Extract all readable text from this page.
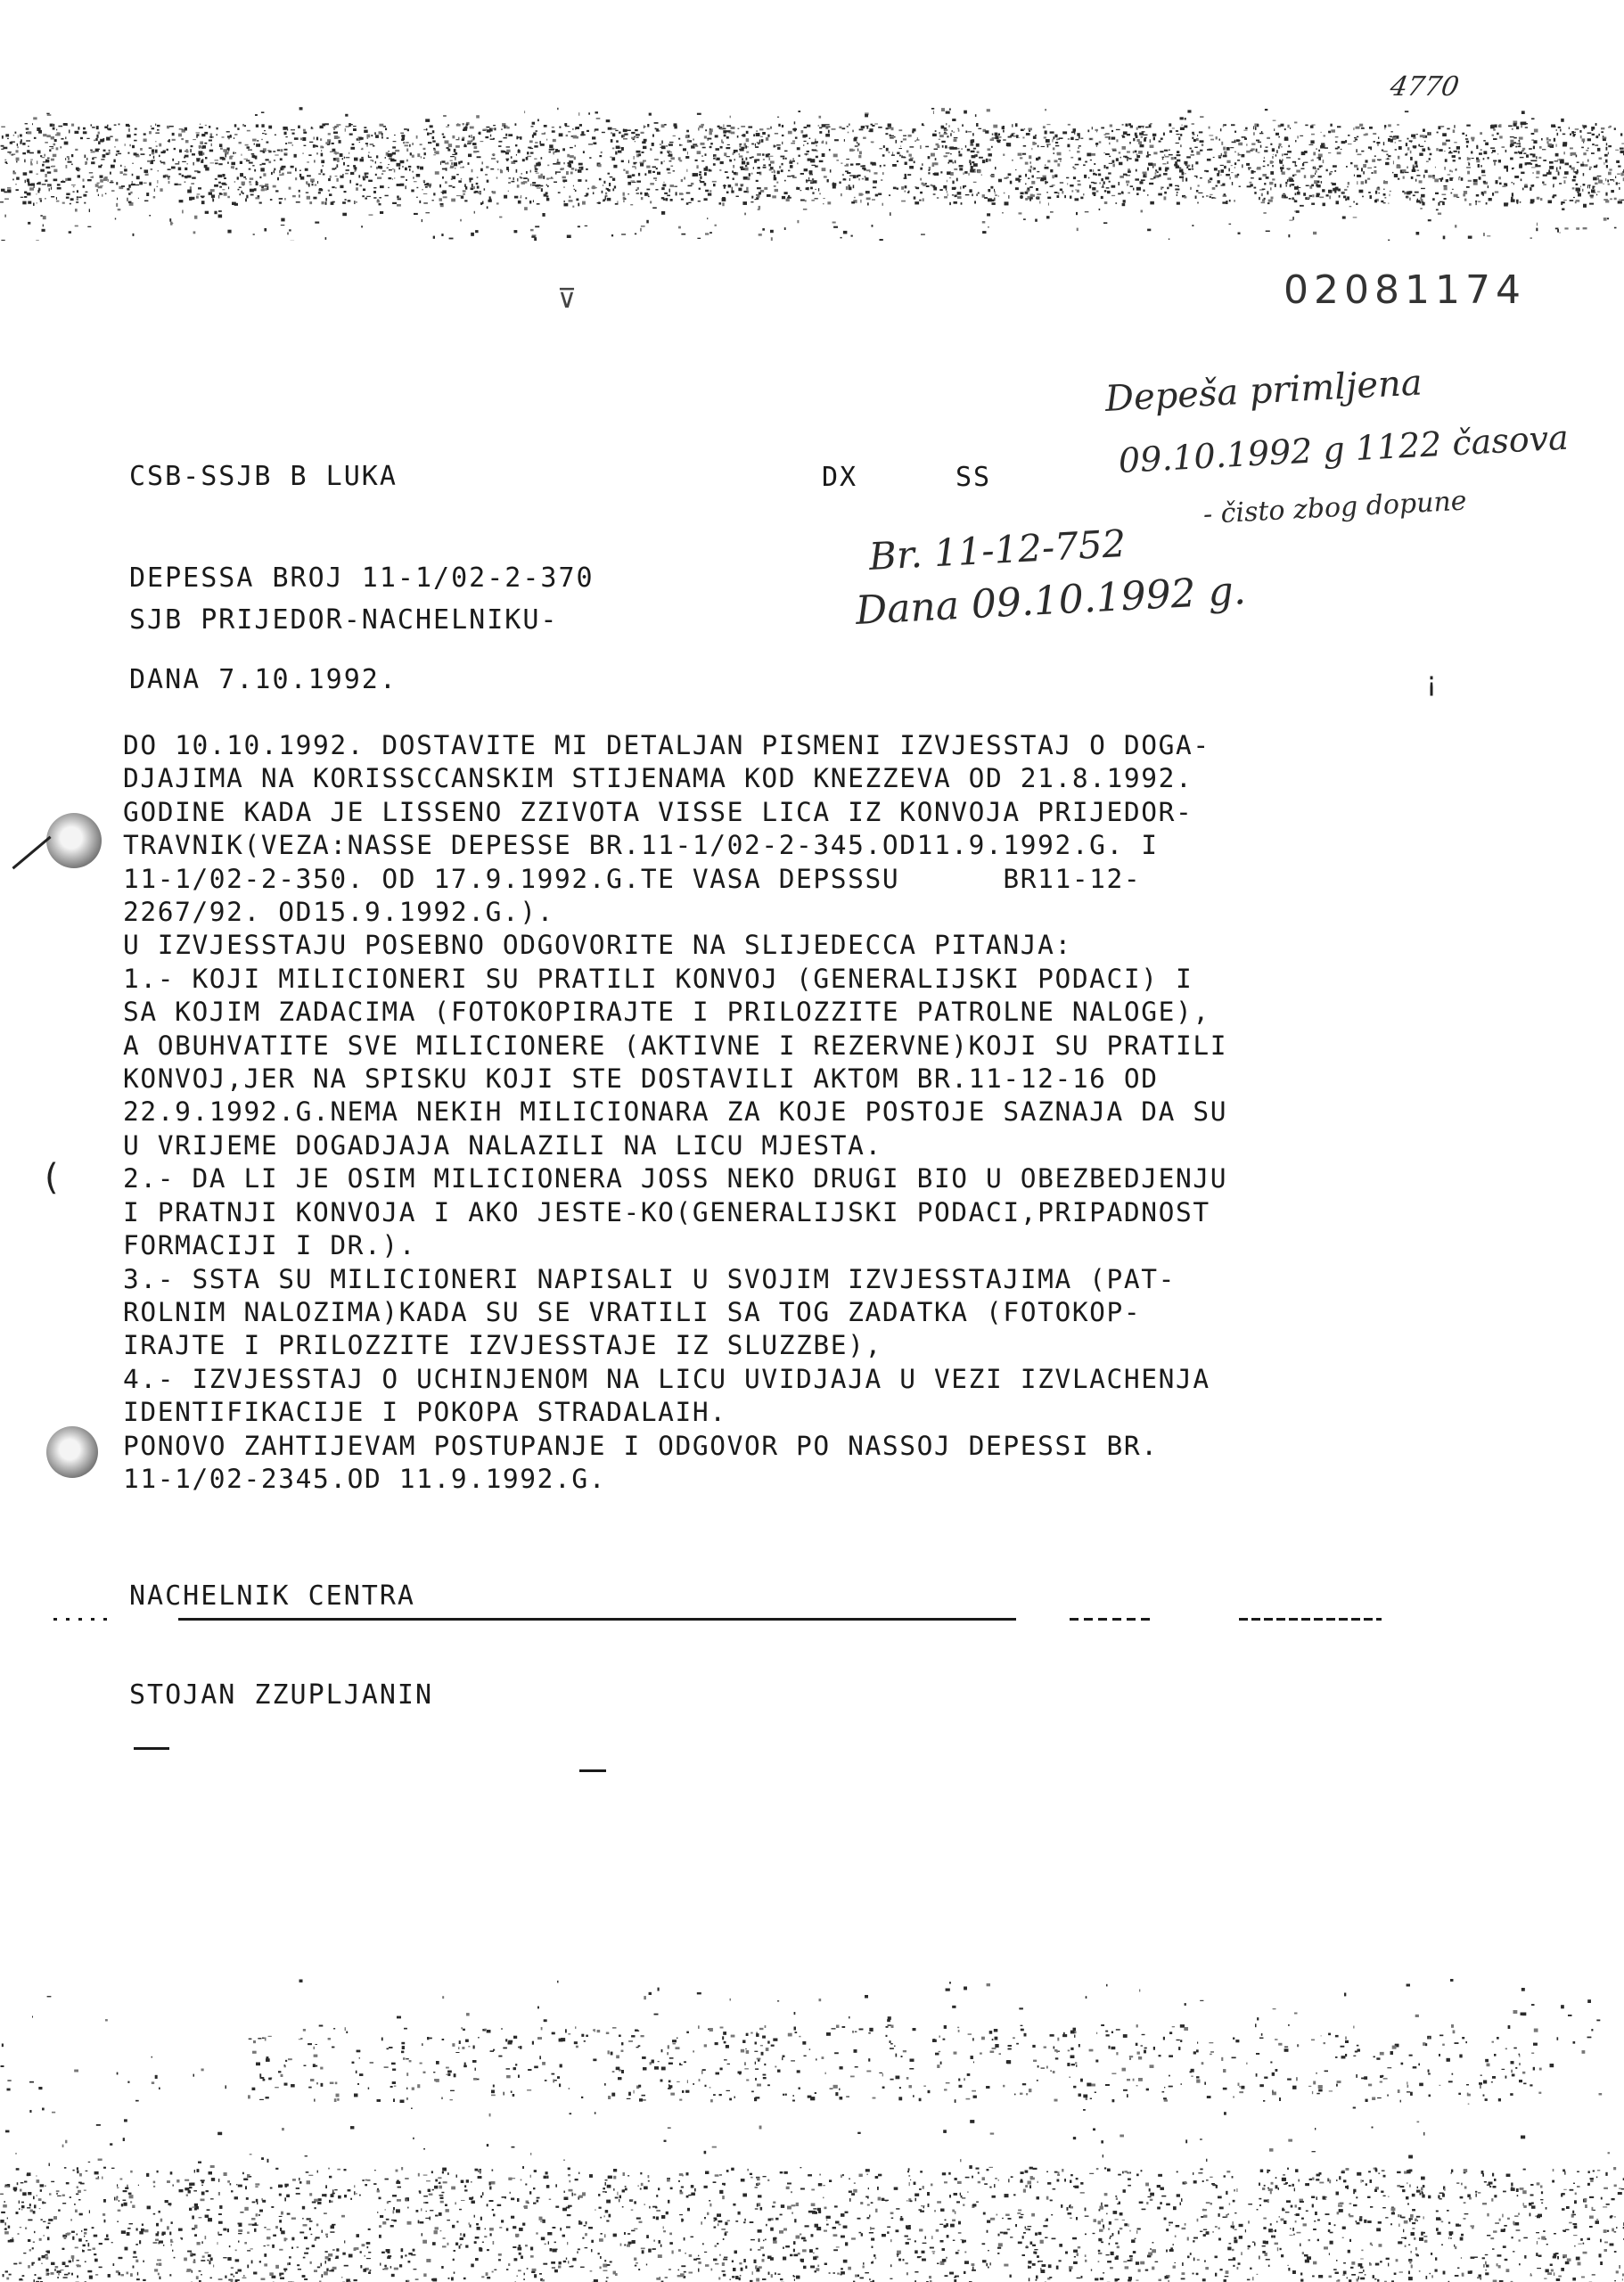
4770
⊽	02081174

CSB-SSJB B LUKA

DEPESSA BROJ 11-1/02-2-370

DANA 7.10.1992.

DX	SS
Depeša primljena
09.10.1992 g 1122 časova
- čisto zbog dopune
Br. 11-12-752
Dana 09.10.1992 g.
¡
SJB PRIJEDOR-NACHELNIKU-
DO 10.10.1992. DOSTAVITE MI DETALJAN PISMENI IZVJESSTAJ O DOGA-
DJAJIMA NA KORISSCCANSKIM STIJENAMA KOD KNEZZEVA OD 21.8.1992.
GODINE KADA JE LISSENO ZZIVOTA VISSE LICA IZ KONVOJA PRIJEDOR-
TRAVNIK(VEZA:NASSE DEPESSE BR.11-1/02-2-345.OD11.9.1992.G. I
11-1/02-2-350. OD 17.9.1992.G.TE VASA DEPSSSU      BR11-12-
2267/92. OD15.9.1992.G.).
U IZVJESSTAJU POSEBNO ODGOVORITE NA SLIJEDECCA PITANJA:
1.- KOJI MILICIONERI SU PRATILI KONVOJ (GENERALIJSKI PODACI) I
SA KOJIM ZADACIMA (FOTOKOPIRAJTE I PRILOZZITE PATROLNE NALOGE),
A OBUHVATITE SVE MILICIONERE (AKTIVNE I REZERVNE)KOJI SU PRATILI
KONVOJ,JER NA SPISKU KOJI STE DOSTAVILI AKTOM BR.11-12-16 OD
22.9.1992.G.NEMA NEKIH MILICIONARA ZA KOJE POSTOJE SAZNAJA DA SU
U VRIJEME DOGADJAJA NALAZILI NA LICU MJESTA.
2.- DA LI JE OSIM MILICIONERA JOSS NEKO DRUGI BIO U OBEZBEDJENJU
I PRATNJI KONVOJA I AKO JESTE-KO(GENERALIJSKI PODACI,PRIPADNOST
FORMACIJI I DR.).
3.- SSTA SU MILICIONERI NAPISALI U SVOJIM IZVJESSTAJIMA (PAT-
ROLNIM NALOZIMA)KADA SU SE VRATILI SA TOG ZADATKA (FOTOKOP-
IRAJTE I PRILOZZITE IZVJESSTAJE IZ SLUZZBE),
4.- IZVJESSTAJ O UCHINJENOM NA LICU UVIDJAJA U VEZI IZVLACHENJA
IDENTIFIKACIJE I POKOPA STRADALAIH.
PONOVO ZAHTIJEVAM POSTUPANJE I ODGOVOR PO NASSOJ DEPESSI BR.
11-1/02-2345.OD 11.9.1992.G.

NACHELNIK CENTRA

STOJAN ZZUPLJANIN

(
